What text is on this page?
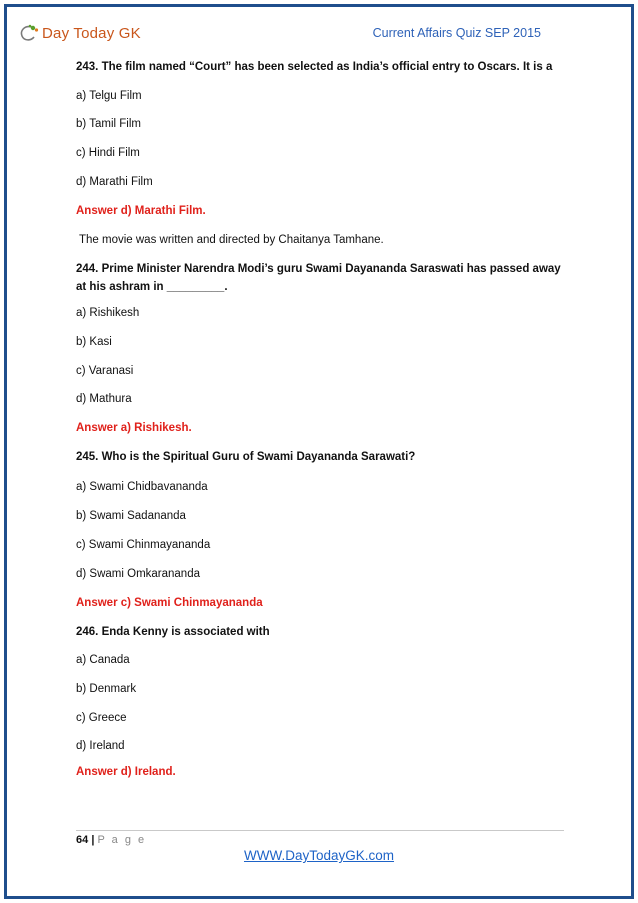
Day Today GK	Current Affairs Quiz SEP 2015
243. The film named “Court” has been selected as India’s official entry to Oscars. It is a
a) Telgu Film
b) Tamil Film
c) Hindi Film
d) Marathi Film
Answer d) Marathi Film.
The movie was written and directed by Chaitanya Tamhane.
244. Prime Minister Narendra Modi’s guru Swami Dayananda Saraswati has passed away
at his ashram in _________.
a) Rishikesh
b) Kasi
c) Varanasi
d) Mathura
Answer a) Rishikesh.
245. Who is the Spiritual Guru of Swami Dayananda Sarawati?
a) Swami Chidbavananda
b) Swami Sadananda
c) Swami Chinmayananda
d) Swami Omkarananda
Answer c) Swami Chinmayananda
246. Enda Kenny is associated with
a) Canada
b) Denmark
c) Greece
d) Ireland
Answer d) Ireland.
64 | P a g e
WWW.DayTodayGK.com
